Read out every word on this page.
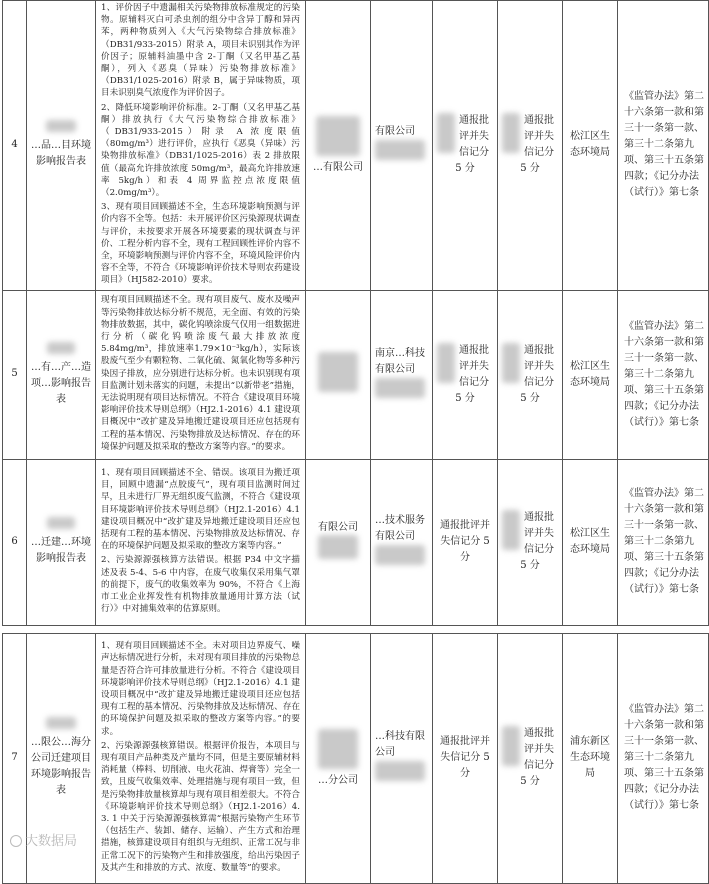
4	…品…目环境影响报告表	1、评价因子中遗漏相关污染物排放标准规定的污染物。原辅料灭白可杀虫剂的组分中含异丁醇和异丙苯，两种物质列入《大气污染物综合排放标准》（DB31/933-2015）附录 A，项目未识别其作为评价因子；原辅料油墨中含 2-丁酮（又名甲基乙基酮），列入《恶臭（异味）污染物排放标准》（DB31/1025-2016）附录 B，属于异味物质，项目未识别臭气浓度作为评价因子。

2、降低环境影响评价标准。2-丁酮（又名甲基乙基酮）排放执行《大气污染物综合排放标准》（DB31/933-2015）附录 A 浓度限值（80mg/m³）进行评价，应执行《恶臭（异味）污染物排放标准》（DB31/1025-2016）表 2 排放限值（最高允许排放浓度 50mg/m³，最高允许排放速率 5kg/h）和表 4 周界监控点浓度限值（2.0mg/m³）。

3、现有项目回顾描述不全，生态环境影响预测与评价内容不全等。包括：未开展评价区污染源现状调查与评价，未按要求开展各环境要素的现状调查与评价、工程分析内容不全，现有工程回顾性评价内容不全，环境影响预测与评价内容不全，环境风险评价内容不全等，不符合《环境影响评价技术导则农药建设项目》（HJ582-2010）要求。	…有限公司	有限公司	通报批评并失信记分 5 分	通报批评并失信记分 5 分	松江区生态环境局	《监管办法》第二十六条第一款和第三十一条第一款、第三十二条第九项、第三十五条第四款；《记分办法（试行）》第七条
5	…有…产…造项…影响报告表	现有项目回顾描述不全。现有项目废气、废水及噪声等污染物排放达标分析不规范，无全面、有效的污染物排放数据，其中，碳化钨喷涂废气仅用一组数据进行分析（碳化钨喷涂废气最大排放浓度5.84mg/m³，排放速率1.79×10⁻³kg/h），实际该股废气至少有颗粒物、二氧化硫、氮氧化物等多种污染因子排放，应分别进行达标分析。也未识别现有项目监测计划未落实的问题，未提出“以新带老”措施，无法说明现有项目达标情况。不符合《建设项目环境影响评价技术导则总纲》（HJ2.1-2016）4.1 建设项目概况中“改扩建及异地搬迁建设项目还应包括现有工程的基本情况、污染物排放及达标情况、存在的环境保护问题及拟采取的整改方案等内容。”的要求。		南京…科技有限公司	通报批评并失信记分 5 分	通报批评并失信记分 5 分	松江区生态环境局	《监管办法》第二十六条第一款和第三十一条第一款、第三十二条第九项、第三十五条第四款；《记分办法（试行）》第七条
6	…迁建…环境影响报告表	1、现有项目回顾描述不全、错误。该项目为搬迁项目，回顾中遗漏“点胶废气”，现有项目监测时间过早，且未进行厂界无组织废气监测，不符合《建设项目环境影响评价技术导则总纲》（HJ2.1-2016）4.1 建设项目概况中“改扩建及异地搬迁建设项目还应包括现有工程的基本情况、污染物排放及达标情况、存在的环境保护问题及拟采取的整改方案等内容。”

2、污染源源强核算方法错误。根据 P34 中文字描述及表 5-4、5-6 中内容，在废气收集仅采用集气罩的前提下，废气的收集效率为 90%，不符合《上海市工业企业挥发性有机物排放量通用计算方法（试行）》中对捕集效率的估算原则。	有限公司	…技术服务有限公司	通报批评并失信记分 5 分	通报批评并失信记分 5 分	松江区生态环境局	《监管办法》第二十六条第一款和第三十一条第一款、第三十二条第九项、第三十五条第四款；《记分办法（试行）》第七条

7	…限公…海分公司迁建项目环境影响报告表	1、现有项目回顾描述不全。未对项目边界废气、噪声达标情况进行分析，未对现有项目排放的污染物总量是否符合许可排放量进行分析。不符合《建设项目环境影响评价技术导则总纲》（HJ2.1-2016）4.1 建设项目概况中“改扩建及异地搬迁建设项目还应包括现有工程的基本情况、污染物排放及达标情况、存在的环境保护问题及拟采取的整改方案等内容。”的要求。

2、污染源源强核算错误。根据评价报告，本项目与现有项目产品种类及产量均不同，但是主要原辅材料消耗量（棒料、切削液、电火花油、焊膏等）完全一致，且废气收集效率、处理措施与现有项目一致，但是污染物排放量核算却与现有项目相差很大。不符合《环境影响评价技术导则总纲》（HJ2.1-2016）4. 3. 1 中关于污染源源强核算需“根据污染物产生环节（包括生产、装卸、储存、运输）、产生方式和治理措施，核算建设项目有组织与无组织、正常工况与非正常工况下的污染物产生和排放强度，给出污染因子及其产生和排放的方式、浓度、数量等”的要求。	…分公司	…科技有限公司	通报批评并失信记分 5 分	通报批评并失信记分 5 分	浦东新区生态环境局	《监管办法》第二十六条第一款和第三十一条第一款、第三十二条第九项、第三十五条第四款；《记分办法（试行）》第七条
大数据局
